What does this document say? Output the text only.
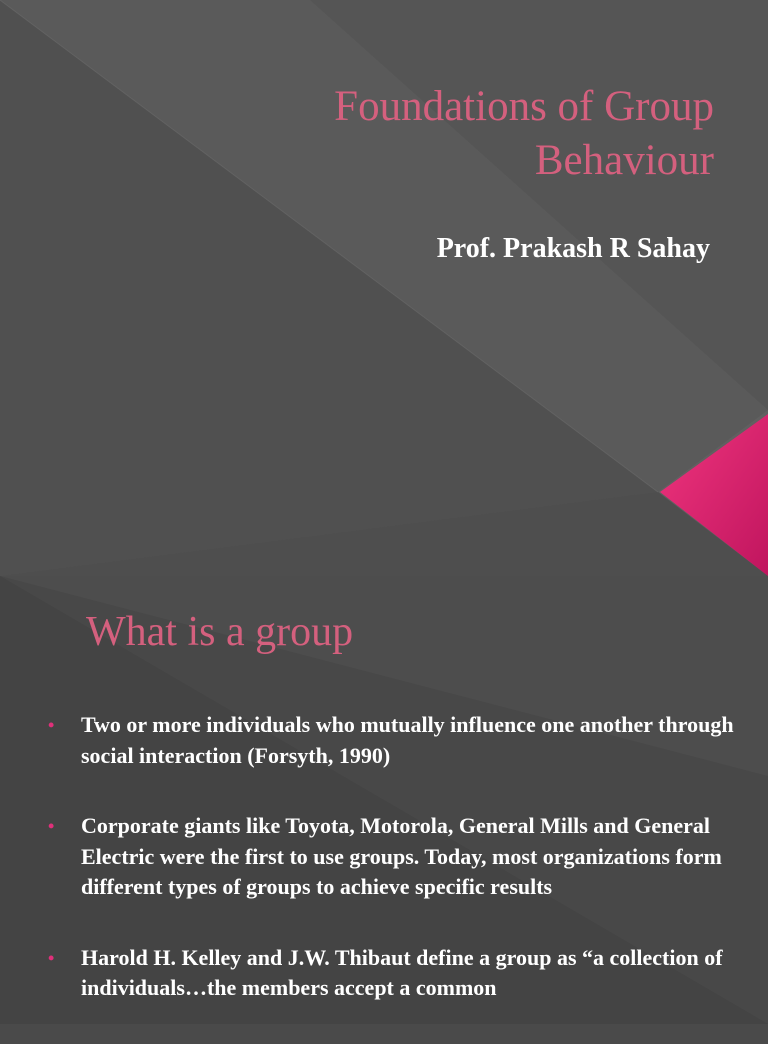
Foundations of Group
Behaviour

Prof. Prakash R Sahay

What is a group
• Two or more individuals who mutually influence one another through social interaction (Forsyth, 1990)
• Corporate giants like Toyota, Motorola, General Mills and General Electric were the first to use groups. Today, most organizations form different types of groups to achieve specific results
• Harold H. Kelley and J.W. Thibaut define a group as “a collection of individuals…the members accept a common
